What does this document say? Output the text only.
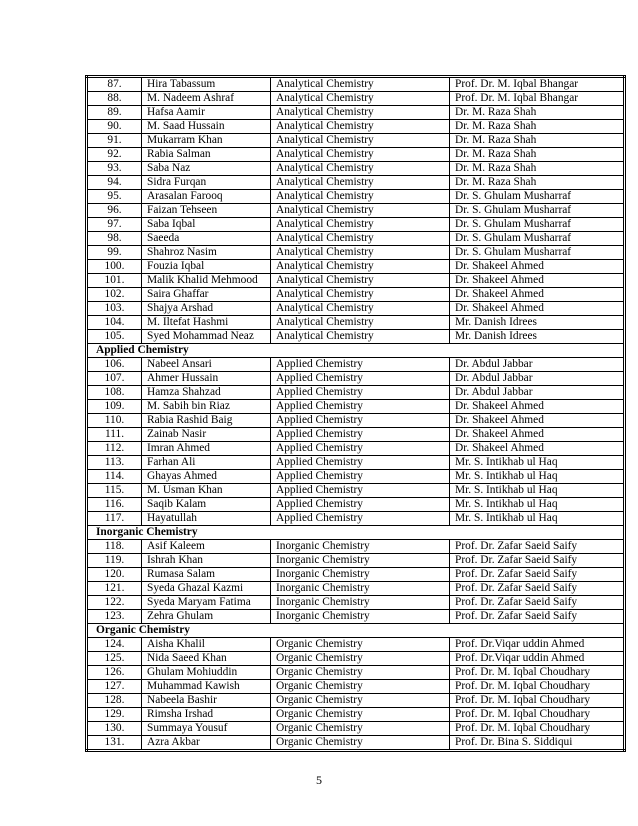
87.	Hira Tabassum	Analytical Chemistry	Prof. Dr. M. Iqbal Bhangar
88.	M. Nadeem Ashraf	Analytical Chemistry	Prof. Dr. M. Iqbal Bhangar
89.	Hafsa Aamir	Analytical Chemistry	Dr. M. Raza Shah
90.	M. Saad Hussain	Analytical Chemistry	Dr. M. Raza Shah
91.	Mukarram Khan	Analytical Chemistry	Dr. M. Raza Shah
92.	Rabia Salman	Analytical Chemistry	Dr. M. Raza Shah
93.	Saba Naz	Analytical Chemistry	Dr. M. Raza Shah
94.	Sidra Furqan	Analytical Chemistry	Dr. M. Raza Shah
95.	Arasalan Farooq	Analytical Chemistry	Dr. S. Ghulam Musharraf
96.	Faizan Tehseen	Analytical Chemistry	Dr. S. Ghulam Musharraf
97.	Saba Iqbal	Analytical Chemistry	Dr. S. Ghulam Musharraf
98.	Saeeda	Analytical Chemistry	Dr. S. Ghulam Musharraf
99.	Shahroz Nasim	Analytical Chemistry	Dr. S. Ghulam Musharraf
100.	Fouzia Iqbal	Analytical Chemistry	Dr. Shakeel Ahmed
101.	Malik Khalid Mehmood	Analytical Chemistry	Dr. Shakeel Ahmed
102.	Saira Ghaffar	Analytical Chemistry	Dr. Shakeel Ahmed
103.	Shajya Arshad	Analytical Chemistry	Dr. Shakeel Ahmed
104.	M. Iltefat Hashmi	Analytical Chemistry	Mr. Danish Idrees
105.	Syed Mohammad Neaz	Analytical Chemistry	Mr. Danish Idrees
Applied Chemistry			
106.	Nabeel Ansari	Applied Chemistry	Dr. Abdul Jabbar
107.	Ahmer Hussain	Applied Chemistry	Dr. Abdul Jabbar
108.	Hamza Shahzad	Applied Chemistry	Dr. Abdul Jabbar
109.	M. Sabih bin Riaz	Applied Chemistry	Dr. Shakeel Ahmed
110.	Rabia Rashid Baig	Applied Chemistry	Dr. Shakeel Ahmed
111.	Zainab Nasir	Applied Chemistry	Dr. Shakeel Ahmed
112.	Imran Ahmed	Applied Chemistry	Dr. Shakeel Ahmed
113.	Farhan Ali	Applied Chemistry	Mr. S. Intikhab ul Haq
114.	Ghayas Ahmed	Applied Chemistry	Mr. S. Intikhab ul Haq
115.	M. Usman Khan	Applied Chemistry	Mr. S. Intikhab ul Haq
116.	Saqib Kalam	Applied Chemistry	Mr. S. Intikhab ul Haq
117.	Hayatullah	Applied Chemistry	Mr. S. Intikhab ul Haq
Inorganic Chemistry			
118.	Asif Kaleem	Inorganic Chemistry	Prof. Dr. Zafar Saeid Saify
119.	Ishrah Khan	Inorganic Chemistry	Prof. Dr. Zafar Saeid Saify
120.	Rumasa Salam	Inorganic Chemistry	Prof. Dr. Zafar Saeid Saify
121.	Syeda Ghazal Kazmi	Inorganic Chemistry	Prof. Dr. Zafar Saeid Saify
122.	Syeda Maryam Fatima	Inorganic Chemistry	Prof. Dr. Zafar Saeid Saify
123.	Zehra Ghulam	Inorganic Chemistry	Prof. Dr. Zafar Saeid Saify
Organic Chemistry			
124.	Aisha Khalil	Organic Chemistry	Prof. Dr.Viqar uddin Ahmed
125.	Nida Saeed Khan	Organic Chemistry	Prof. Dr.Viqar uddin Ahmed
126.	Ghulam Mohiuddin	Organic Chemistry	Prof. Dr. M. Iqbal Choudhary
127.	Muhammad Kawish	Organic Chemistry	Prof. Dr. M. Iqbal Choudhary
128.	Nabeela Bashir	Organic Chemistry	Prof. Dr. M. Iqbal Choudhary
129.	Rimsha Irshad	Organic Chemistry	Prof. Dr. M. Iqbal Choudhary
130.	Summaya Yousuf	Organic Chemistry	Prof. Dr. M. Iqbal Choudhary
131.	Azra Akbar	Organic Chemistry	Prof. Dr. Bina S. Siddiqui
5
